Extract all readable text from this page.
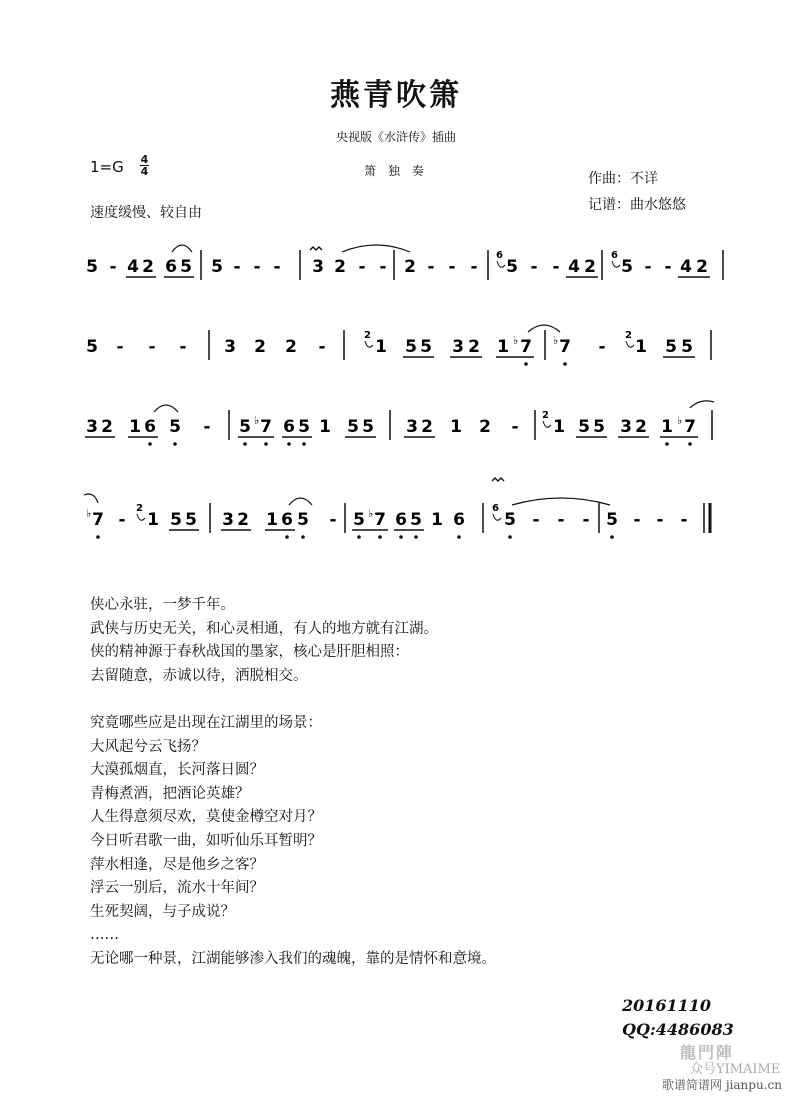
燕青吹箫
央视版《水浒传》插曲
箫 独 奏
1=G 4
4	作曲：不详
记谱：曲水悠悠
速度缓慢、较自由
5 - 4 2 6 5 5 - - - 3 2 - - 2 - - -
6
5 - - 4 2
6
5 - - 4 2
5 - - - 3 2 2 -
2
1 5 5 3 2 1 ♭ 7 ♭ 7 -
2
1 5 5
3 2 1 6 5 - 5 ♭ 7 6 5 1 5 5 3 2 1 2 -
2
1 5 5 3 2 1 ♭ 7
♭ 7 -
2
1 5 5 3 2 1 6 5 - 5 ♭ 7 6 5 1 6
6
5 - - - 5 - - -
侠心永驻，一梦千年。
武侠与历史无关，和心灵相通，有人的地方就有江湖。
侠的精神源于春秋战国的墨家，核心是肝胆相照：
去留随意，赤诚以待，洒脱相交。

究竟哪些应是出现在江湖里的场景：
大风起兮云飞扬？
大漠孤烟直，长河落日圆？
青梅煮酒，把酒论英雄？
人生得意须尽欢，莫使金樽空对月？
今日听君歌一曲，如听仙乐耳暂明？
萍水相逢，尽是他乡之客？
浮云一别后，流水十年间？
生死契阔，与子成说？
……
无论哪一种景，江湖能够渗入我们的魂魄，靠的是情怀和意境。
20161110
QQ:4486083
龍門陣
众号YIMAIME
歌谱简谱网 jianpu.cn
